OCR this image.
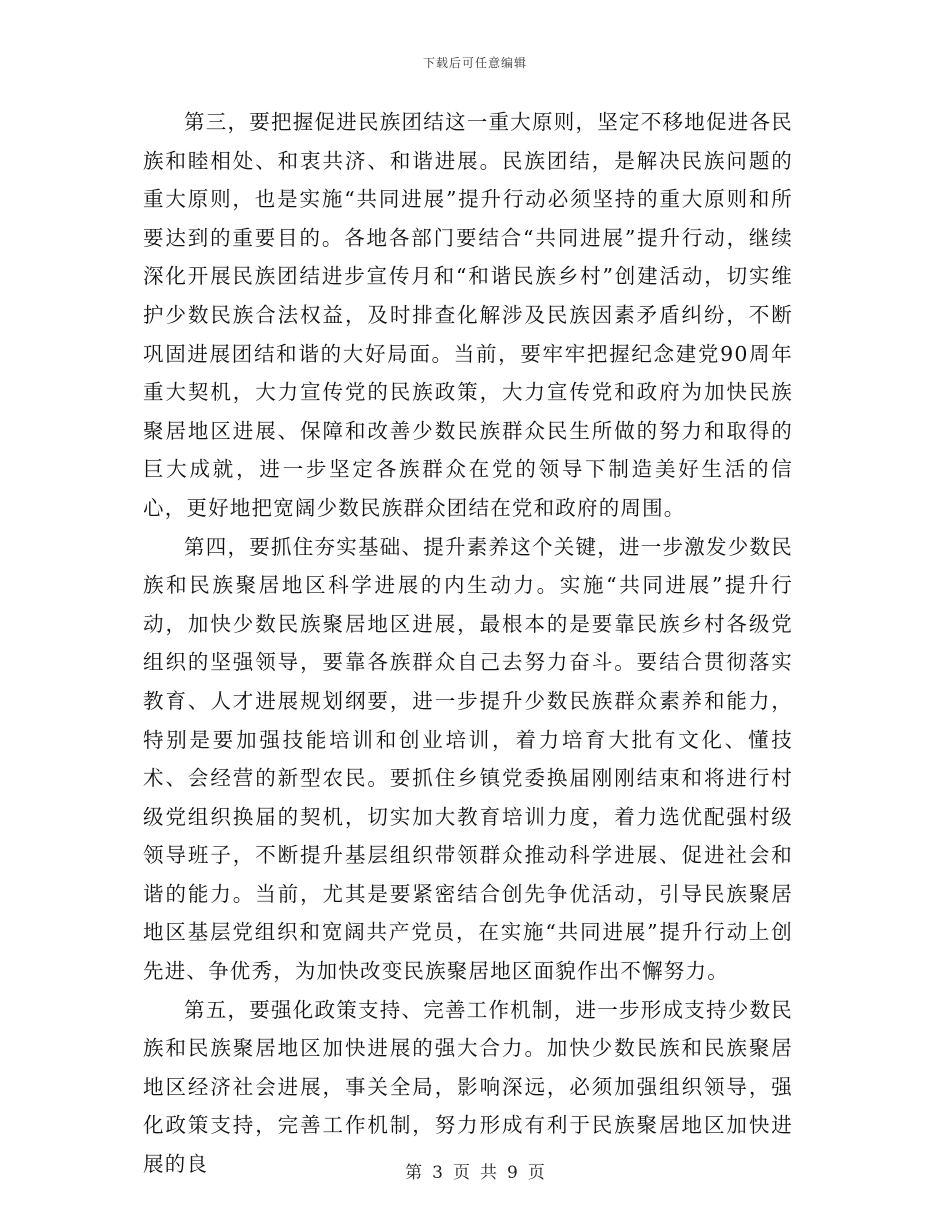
下载后可任意编辑

第三，要把握促进民族团结这一重大原则，坚定不移地促进各民族和睦相处、和衷共济、和谐进展。民族团结，是解决民族问题的重大原则，也是实施“共同进展”提升行动必须坚持的重大原则和所要达到的重要目的。各地各部门要结合“共同进展”提升行动，继续深化开展民族团结进步宣传月和“和谐民族乡村”创建活动，切实维护少数民族合法权益，及时排查化解涉及民族因素矛盾纠纷，不断巩固进展团结和谐的大好局面。当前，要牢牢把握纪念建党90周年重大契机，大力宣传党的民族政策，大力宣传党和政府为加快民族聚居地区进展、保障和改善少数民族群众民生所做的努力和取得的巨大成就，进一步坚定各族群众在党的领导下制造美好生活的信心，更好地把宽阔少数民族群众团结在党和政府的周围。

第四，要抓住夯实基础、提升素养这个关键，进一步激发少数民族和民族聚居地区科学进展的内生动力。实施“共同进展”提升行动，加快少数民族聚居地区进展，最根本的是要靠民族乡村各级党组织的坚强领导，要靠各族群众自己去努力奋斗。要结合贯彻落实教育、人才进展规划纲要，进一步提升少数民族群众素养和能力，特别是要加强技能培训和创业培训，着力培育大批有文化、懂技术、会经营的新型农民。要抓住乡镇党委换届刚刚结束和将进行村级党组织换届的契机，切实加大教育培训力度，着力选优配强村级领导班子，不断提升基层组织带领群众推动科学进展、促进社会和谐的能力。当前，尤其是要紧密结合创先争优活动，引导民族聚居地区基层党组织和宽阔共产党员，在实施“共同进展”提升行动上创先进、争优秀，为加快改变民族聚居地区面貌作出不懈努力。

第五，要强化政策支持、完善工作机制，进一步形成支持少数民族和民族聚居地区加快进展的强大合力。加快少数民族和民族聚居地区经济社会进展，事关全局，影响深远，必须加强组织领导，强化政策支持，完善工作机制，努力形成有利于民族聚居地区加快进展的良	第 3 页 共 9 页
